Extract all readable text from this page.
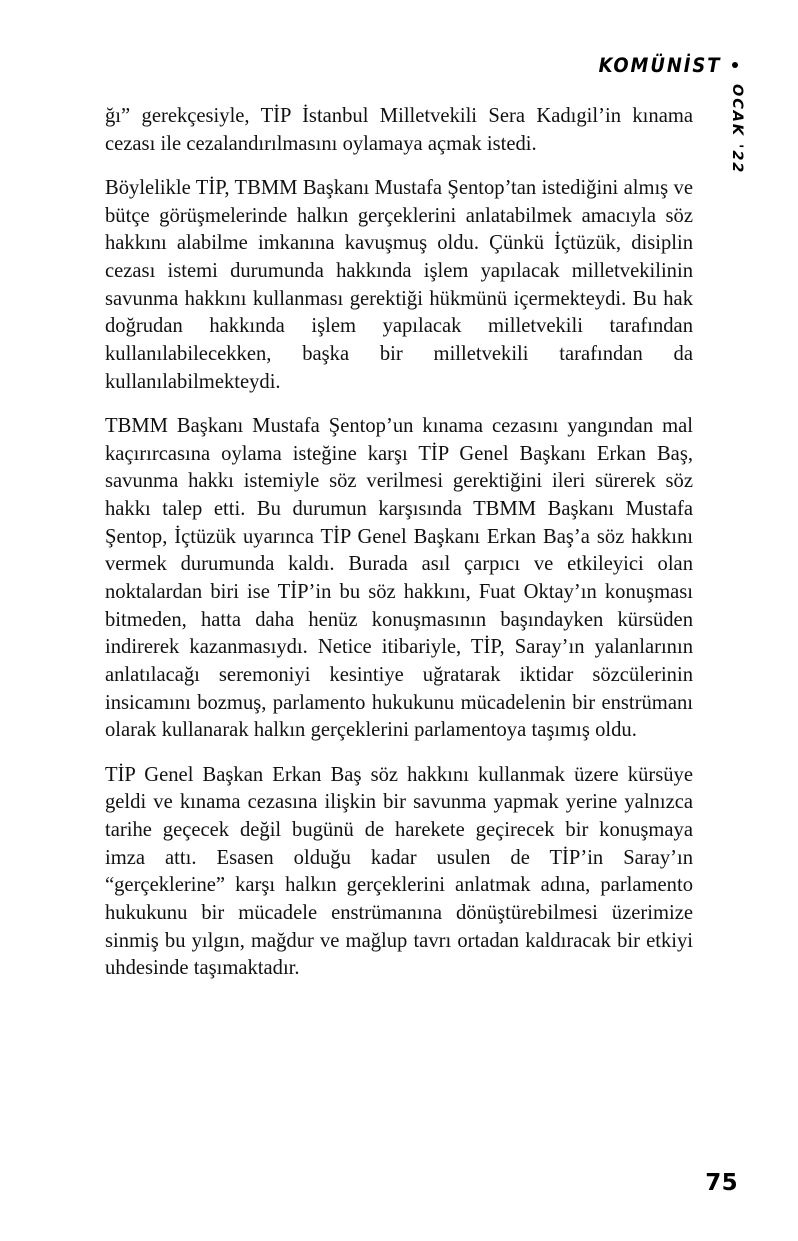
KOMÜNİST
OCAK '22

ğı” gerekçesiyle, TİP İstanbul Milletvekili Sera Kadıgil’in kınama cezası ile cezalandırılmasını oylamaya açmak istedi.

Böylelikle TİP, TBMM Başkanı Mustafa Şentop’tan istediğini almış ve bütçe görüşmelerinde halkın gerçeklerini anlatabilmek amacıyla söz hakkını alabilme imkanına kavuşmuş oldu. Çünkü İçtüzük, disiplin cezası istemi durumunda hakkında işlem yapılacak milletvekilinin savunma hakkını kullanması gerektiği hükmünü içermekteydi. Bu hak doğrudan hakkında işlem yapılacak milletvekili tarafından kullanılabilecekken, başka bir milletvekili tarafından da kullanılabilmekteydi.

TBMM Başkanı Mustafa Şentop’un kınama cezasını yangından mal kaçırırcasına oylama isteğine karşı TİP Genel Başkanı Erkan Baş, savunma hakkı istemiyle söz verilmesi gerektiğini ileri sürerek söz hakkı talep etti. Bu durumun karşısında TBMM Başkanı Mustafa Şentop, İçtüzük uyarınca TİP Genel Başkanı Erkan Baş’a söz hakkını vermek durumunda kaldı. Burada asıl çarpıcı ve etkileyici olan noktalardan biri ise TİP’in bu söz hakkını, Fuat Oktay’ın konuşması bitmeden, hatta daha henüz konuşmasının başındayken kürsüden indirerek kazanmasıydı. Netice itibariyle, TİP, Saray’ın yalanlarının anlatılacağı seremoniyi kesintiye uğratarak iktidar sözcülerinin insicamını bozmuş, parlamento hukukunu mücadelenin bir enstrümanı olarak kullanarak halkın gerçeklerini parlamentoya taşımış oldu.

TİP Genel Başkan Erkan Baş söz hakkını kullanmak üzere kürsüye geldi ve kınama cezasına ilişkin bir savunma yapmak yerine yalnızca tarihe geçecek değil bugünü de harekete geçirecek bir konuşmaya imza attı. Esasen olduğu kadar usulen de TİP’in Saray’ın “gerçeklerine” karşı halkın gerçeklerini anlatmak adına, parlamento hukukunu bir mücadele enstrümanına dönüştürebilmesi üzerimize sinmiş bu yılgın, mağdur ve mağlup tavrı ortadan kaldıracak bir etkiyi uhdesinde taşımaktadır.

75
